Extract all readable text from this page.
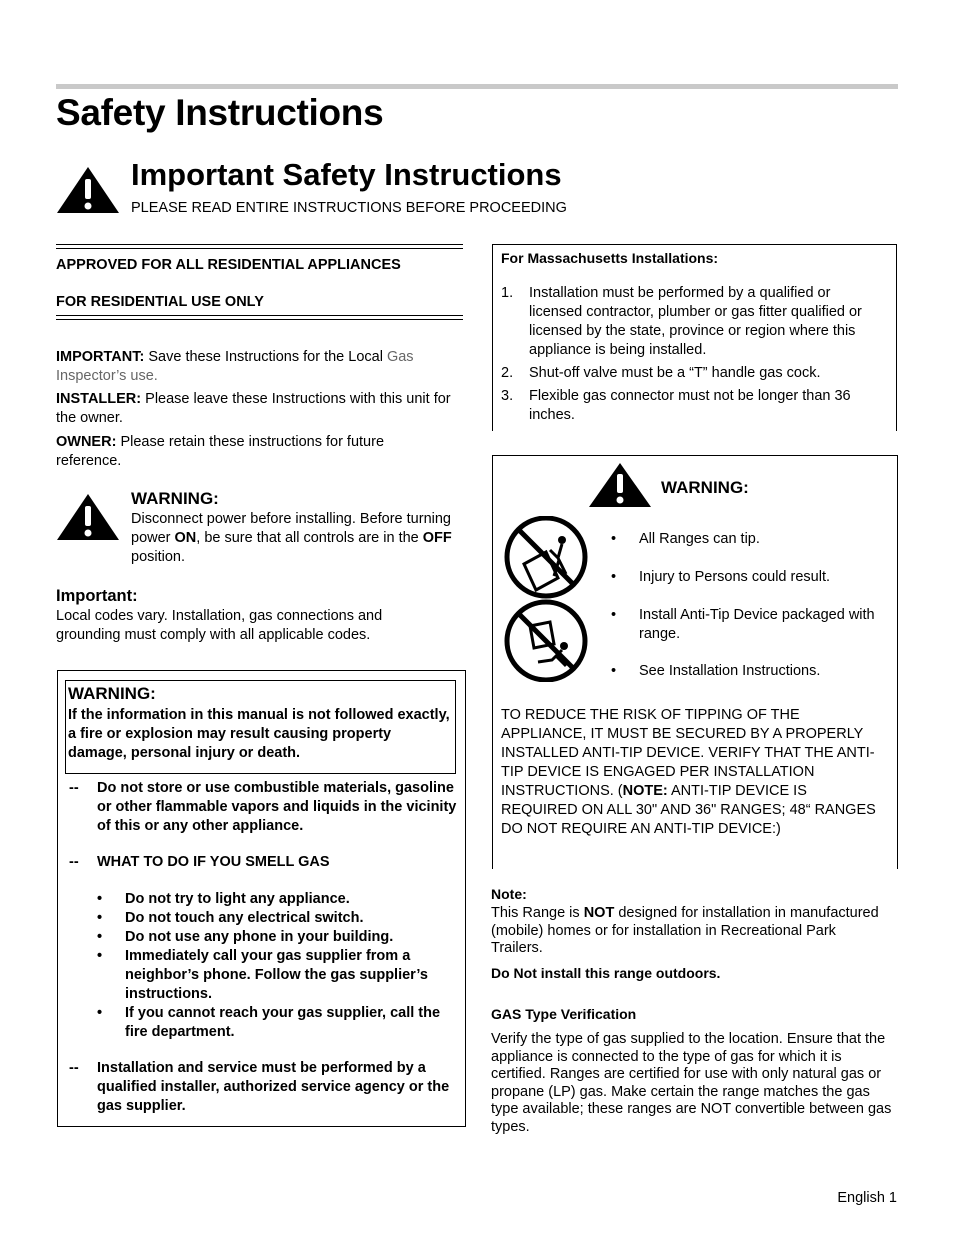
Safety Instructions
Important Safety Instructions
PLEASE READ ENTIRE INSTRUCTIONS BEFORE PROCEEDING
APPROVED FOR ALL RESIDENTIAL APPLIANCES
FOR RESIDENTIAL USE ONLY
IMPORTANT: Save these Instructions for the Local Gas Inspector’s use.
INSTALLER: Please leave these Instructions with this unit for the owner.
OWNER: Please retain these instructions for future reference.
WARNING:
Disconnect power before installing. Before turning power ON, be sure that all controls are in the OFF position.
Important:
Local codes vary. Installation, gas connections and grounding must comply with all applicable codes.
WARNING:
If the information in this manual is not followed exactly, a fire or explosion may result causing property damage, personal injury or death.
-- Do not store or use combustible materials, gasoline or other flammable vapors and liquids in the vicinity of this or any other appliance.
-- WHAT TO DO IF YOU SMELL GAS

• Do not try to light any appliance.

• Do not touch any electrical switch.

• Do not use any phone in your building.

• Immediately call your gas supplier from a neighbor’s phone. Follow the gas supplier’s instructions.

• If you cannot reach your gas supplier, call the fire department.

-- Installation and service must be performed by a qualified installer, authorized service agency or the gas supplier.
For Massachusetts Installations:

1. Installation must be performed by a qualified or licensed contractor, plumber or gas fitter qualified or licensed by the state, province or region where this appliance is being installed.

2. Shut-off valve must be a “T” handle gas cock.

3. Flexible gas connector must not be longer than 36 inches.

WARNING:

• All Ranges can tip.

• Injury to Persons could result.

• Install Anti-Tip Device packaged with range.

• See Installation Instructions.

TO REDUCE THE RISK OF TIPPING OF THE APPLIANCE, IT MUST BE SECURED BY A PROPERLY INSTALLED ANTI-TIP DEVICE. VERIFY THAT THE ANTI-TIP DEVICE IS ENGAGED PER INSTALLATION INSTRUCTIONS. (NOTE: ANTI-TIP DEVICE IS REQUIRED ON ALL 30" AND 36" RANGES; 48“ RANGES DO NOT REQUIRE AN ANTI-TIP DEVICE:)
Note:
This Range is NOT designed for installation in manufactured (mobile) homes or for installation in Recreational Park Trailers.
Do Not install this range outdoors.
GAS Type Verification
Verify the type of gas supplied to the location. Ensure that the appliance is connected to the type of gas for which it is certified. Ranges are certified for use with only natural gas or propane (LP) gas. Make certain the range matches the gas type available; these ranges are NOT convertible between gas types.
English 1
